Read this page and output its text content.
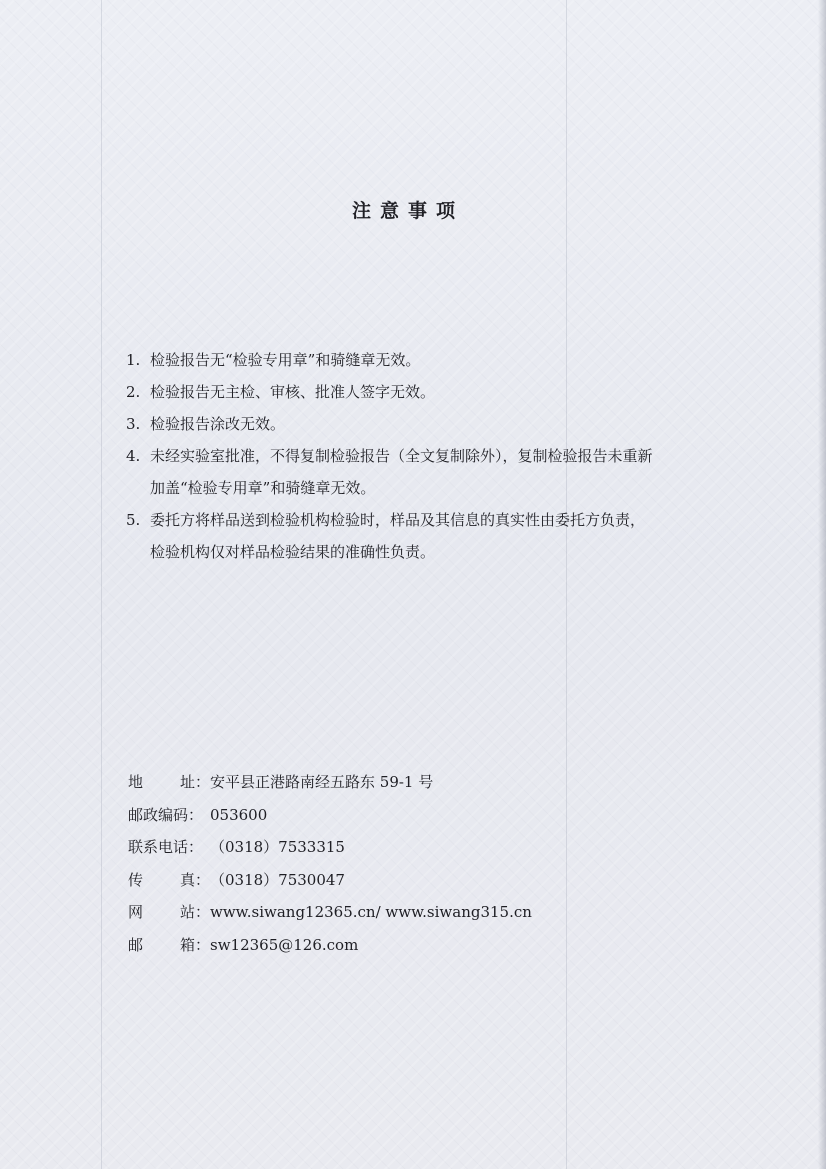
注意事项
1. 检验报告无“检验专用章”和骑缝章无效。
2. 检验报告无主检、审核、批准人签字无效。
3. 检验报告涂改无效。
4. 未经实验室批准，不得复制检验报告（全文复制除外），复制检验报告未重新
加盖“检验专用章”和骑缝章无效。
5. 委托方将样品送到检验机构检验时，样品及其信息的真实性由委托方负责，
检验机构仅对样品检验结果的准确性负责。
地 址： 安平县正港路南经五路东 59-1 号
邮政编码： 053600
联系电话： （0318）7533315
传 真： （0318）7530047
网 站： www.siwang12365.cn/ www.siwang315.cn
邮 箱： sw12365@126.com
